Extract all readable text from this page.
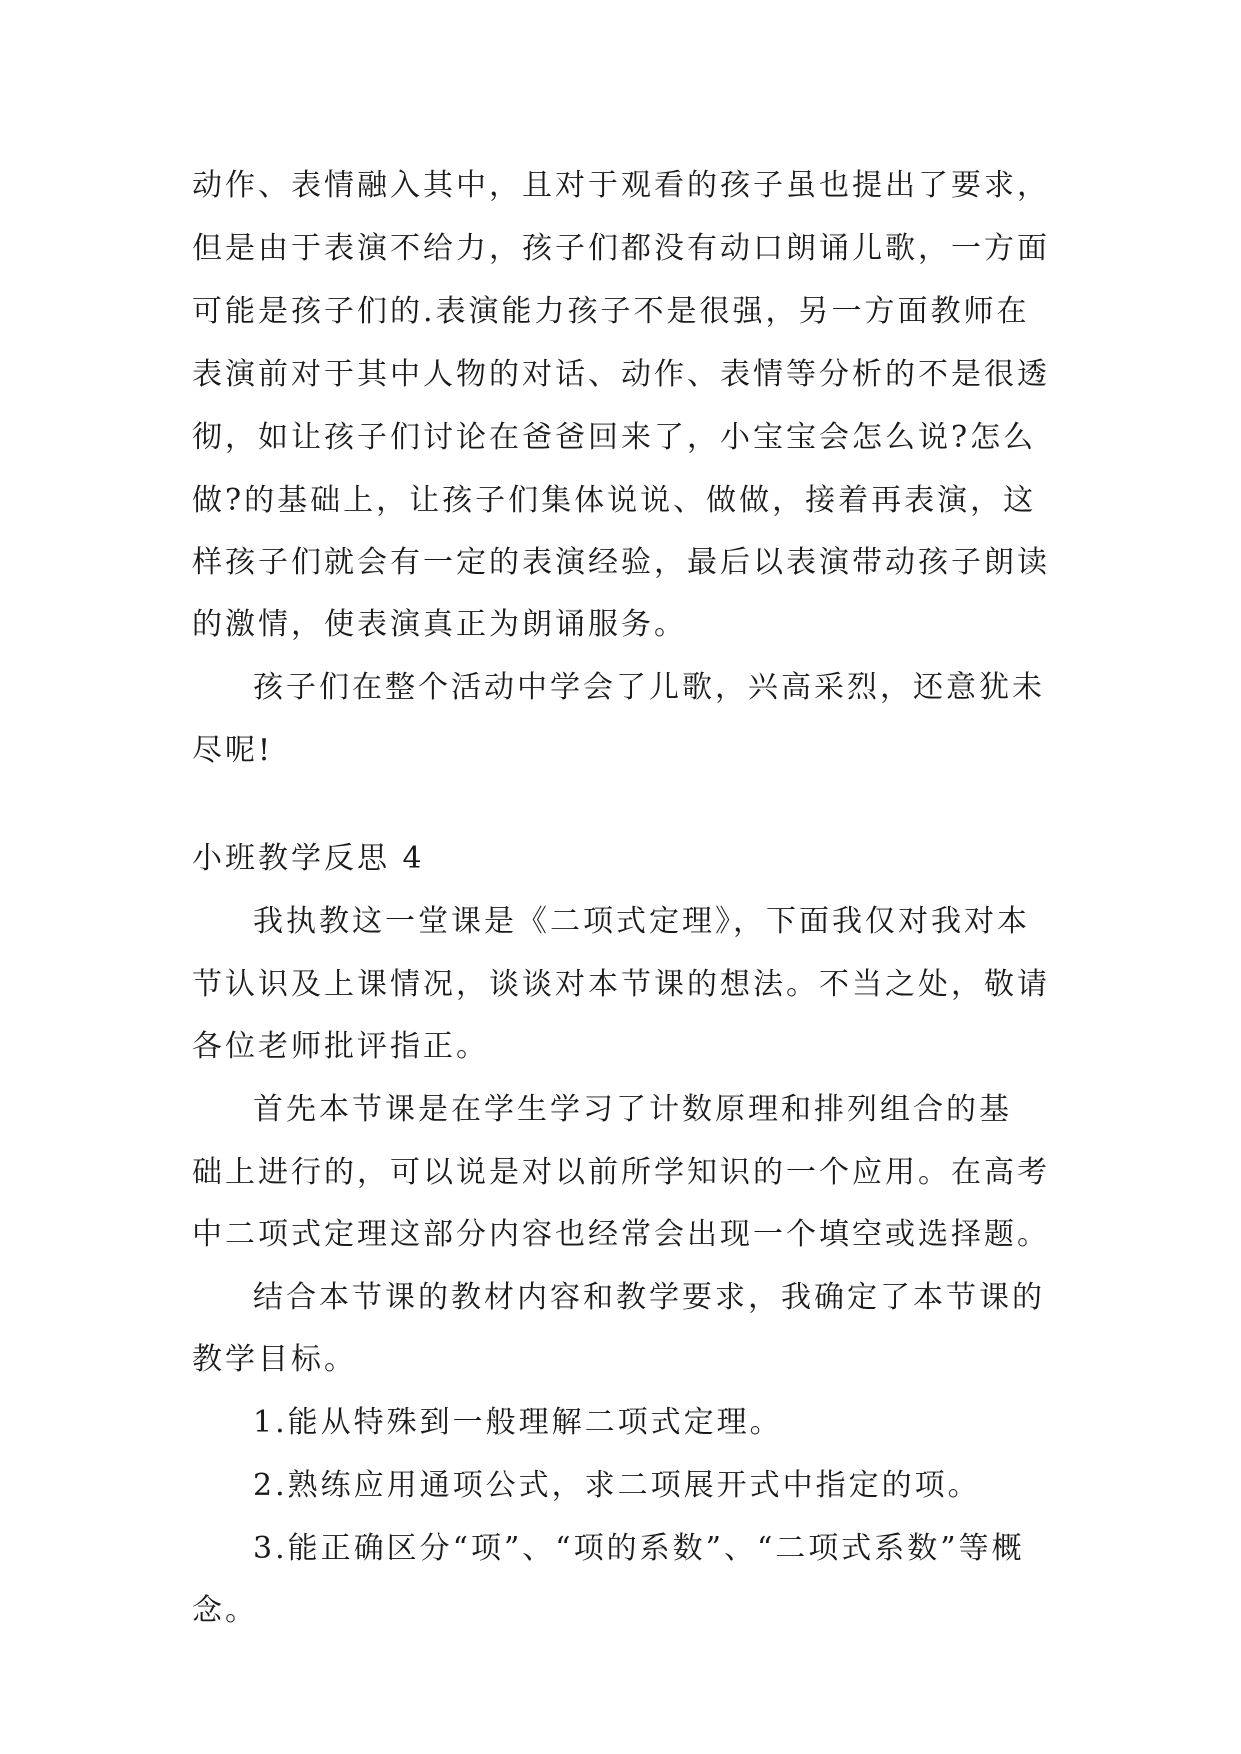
动作、表情融入其中，且对于观看的孩子虽也提出了要求，
但是由于表演不给力，孩子们都没有动口朗诵儿歌，一方面
可能是孩子们的.表演能力孩子不是很强，另一方面教师在
表演前对于其中人物的对话、动作、表情等分析的不是很透
彻，如让孩子们讨论在爸爸回来了，小宝宝会怎么说?怎么
做?的基础上，让孩子们集体说说、做做，接着再表演，这
样孩子们就会有一定的表演经验，最后以表演带动孩子朗读
的激情，使表演真正为朗诵服务。
孩子们在整个活动中学会了儿歌，兴高采烈，还意犹未
尽呢!
小班教学反思 4
我执教这一堂课是《二项式定理》，下面我仅对我对本
节认识及上课情况，谈谈对本节课的想法。不当之处，敬请
各位老师批评指正。
首先本节课是在学生学习了计数原理和排列组合的基
础上进行的，可以说是对以前所学知识的一个应用。在高考
中二项式定理这部分内容也经常会出现一个填空或选择题。
结合本节课的教材内容和教学要求，我确定了本节课的
教学目标。
1.能从特殊到一般理解二项式定理。
2.熟练应用通项公式，求二项展开式中指定的项。
3.能正确区分“项”、“项的系数”、“二项式系数”等概
念。
